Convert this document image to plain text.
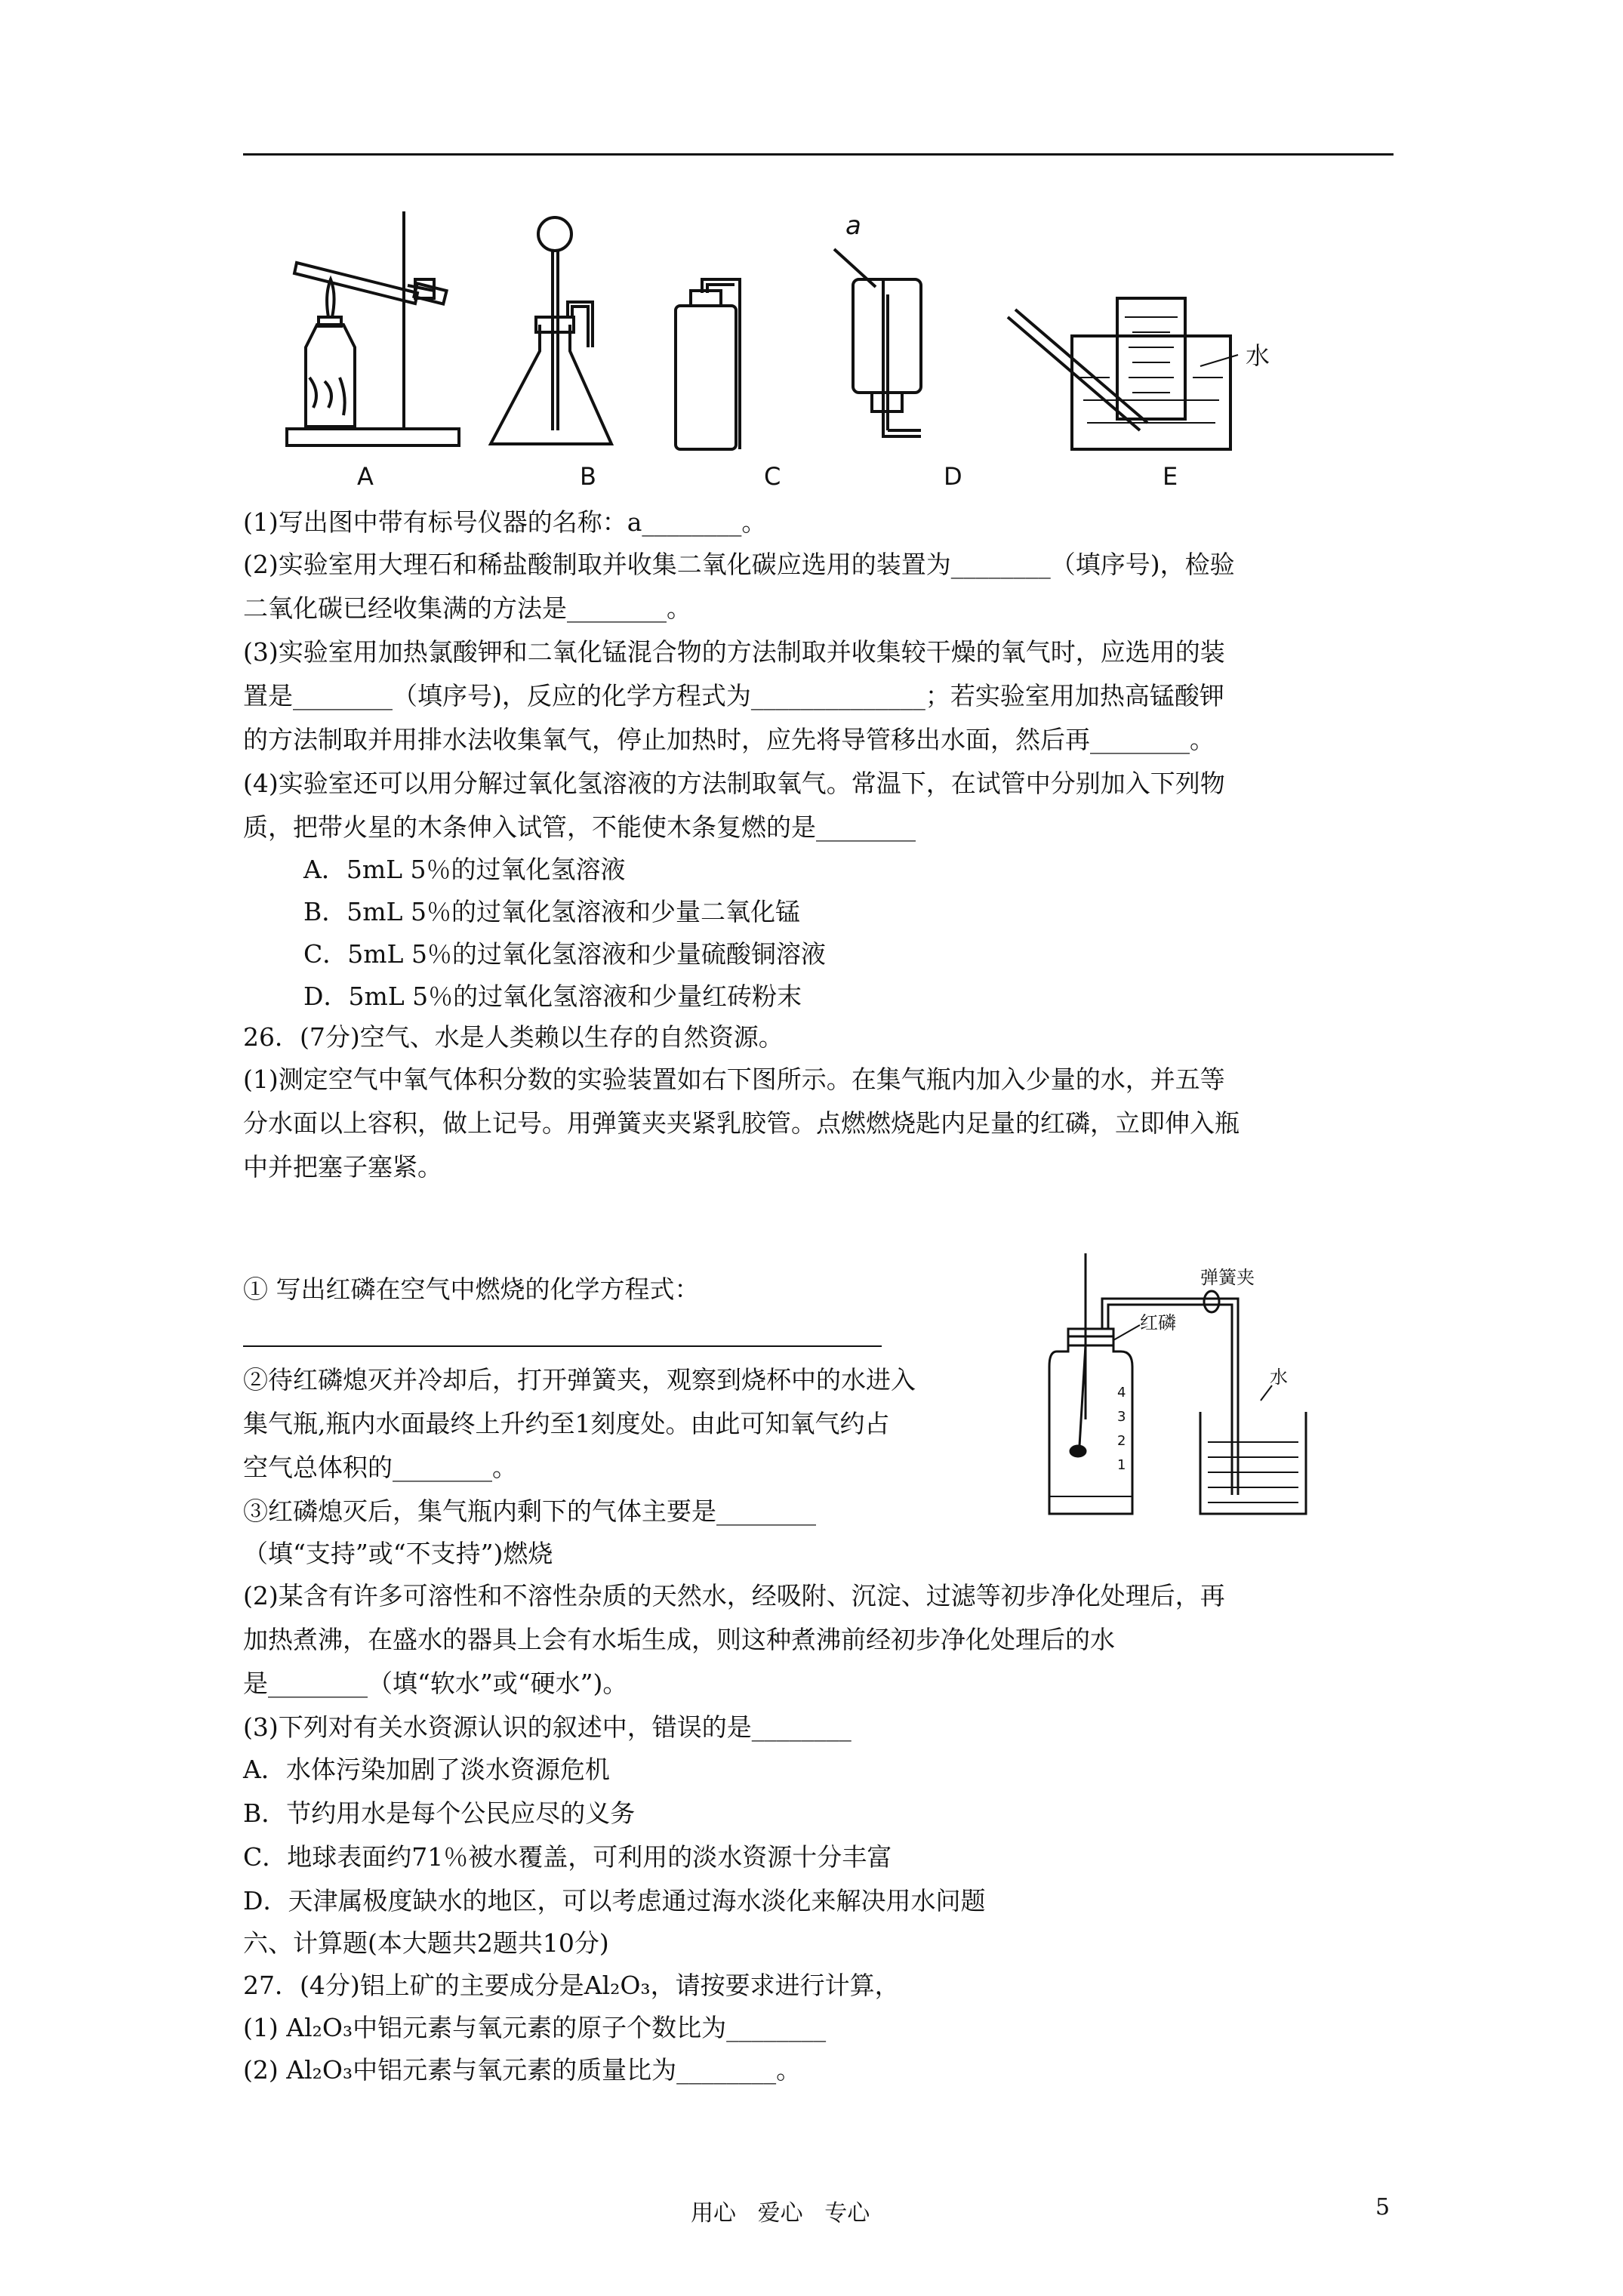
水
a
A	B	C	D	E
(1)写出图中带有标号仪器的名称：a________。
(2)实验室用大理石和稀盐酸制取并收集二氧化碳应选用的装置为________（填序号)，检验
二氧化碳已经收集满的方法是________。
(3)实验室用加热氯酸钾和二氧化锰混合物的方法制取并收集较干燥的氧气时，应选用的装
置是________（填序号)，反应的化学方程式为______________；若实验室用加热高锰酸钾
的方法制取并用排水法收集氧气，停止加热时，应先将导管移出水面，然后再________。
(4)实验室还可以用分解过氧化氢溶液的方法制取氧气。常温下，在试管中分别加入下列物
质，把带火星的木条伸入试管，不能使木条复燃的是________
A．5mL 5％的过氧化氢溶液
B．5mL 5％的过氧化氢溶液和少量二氧化锰
C．5mL 5％的过氧化氢溶液和少量硫酸铜溶液
D．5mL 5％的过氧化氢溶液和少量红砖粉末
26．(7分)空气、水是人类赖以生存的自然资源。
(1)测定空气中氧气体积分数的实验装置如右下图所示。在集气瓶内加入少量的水，并五等
分水面以上容积，做上记号。用弹簧夹夹紧乳胶管。点燃燃烧匙内足量的红磷，立即伸入瓶
中并把塞子塞紧。
① 写出红磷在空气中燃烧的化学方程式：
②待红磷熄灭并冷却后，打开弹簧夹，观察到烧杯中的水进入
集气瓶,瓶内水面最终上升约至1刻度处。由此可知氧气约占
空气总体积的________。
③红磷熄灭后，集气瓶内剩下的气体主要是________
（填“支持”或“不支持”)燃烧
弹簧夹
红磷
水
4
3
2
1
(2)某含有许多可溶性和不溶性杂质的天然水，经吸附、沉淀、过滤等初步净化处理后，再
加热煮沸，在盛水的器具上会有水垢生成，则这种煮沸前经初步净化处理后的水
是________（填“软水”或“硬水”)。
(3)下列对有关水资源认识的叙述中，错误的是________
A．水体污染加剧了淡水资源危机
B．节约用水是每个公民应尽的义务
C．地球表面约71％被水覆盖，可利用的淡水资源十分丰富
D．天津属极度缺水的地区，可以考虑通过海水淡化来解决用水问题
六、计算题(本大题共2题共10分)
27．(4分)铝上矿的主要成分是Al₂O₃，请按要求进行计算，
(1) Al₂O₃中铝元素与氧元素的原子个数比为________
(2) Al₂O₃中铝元素与氧元素的质量比为________。
用心   爱心   专心	5
